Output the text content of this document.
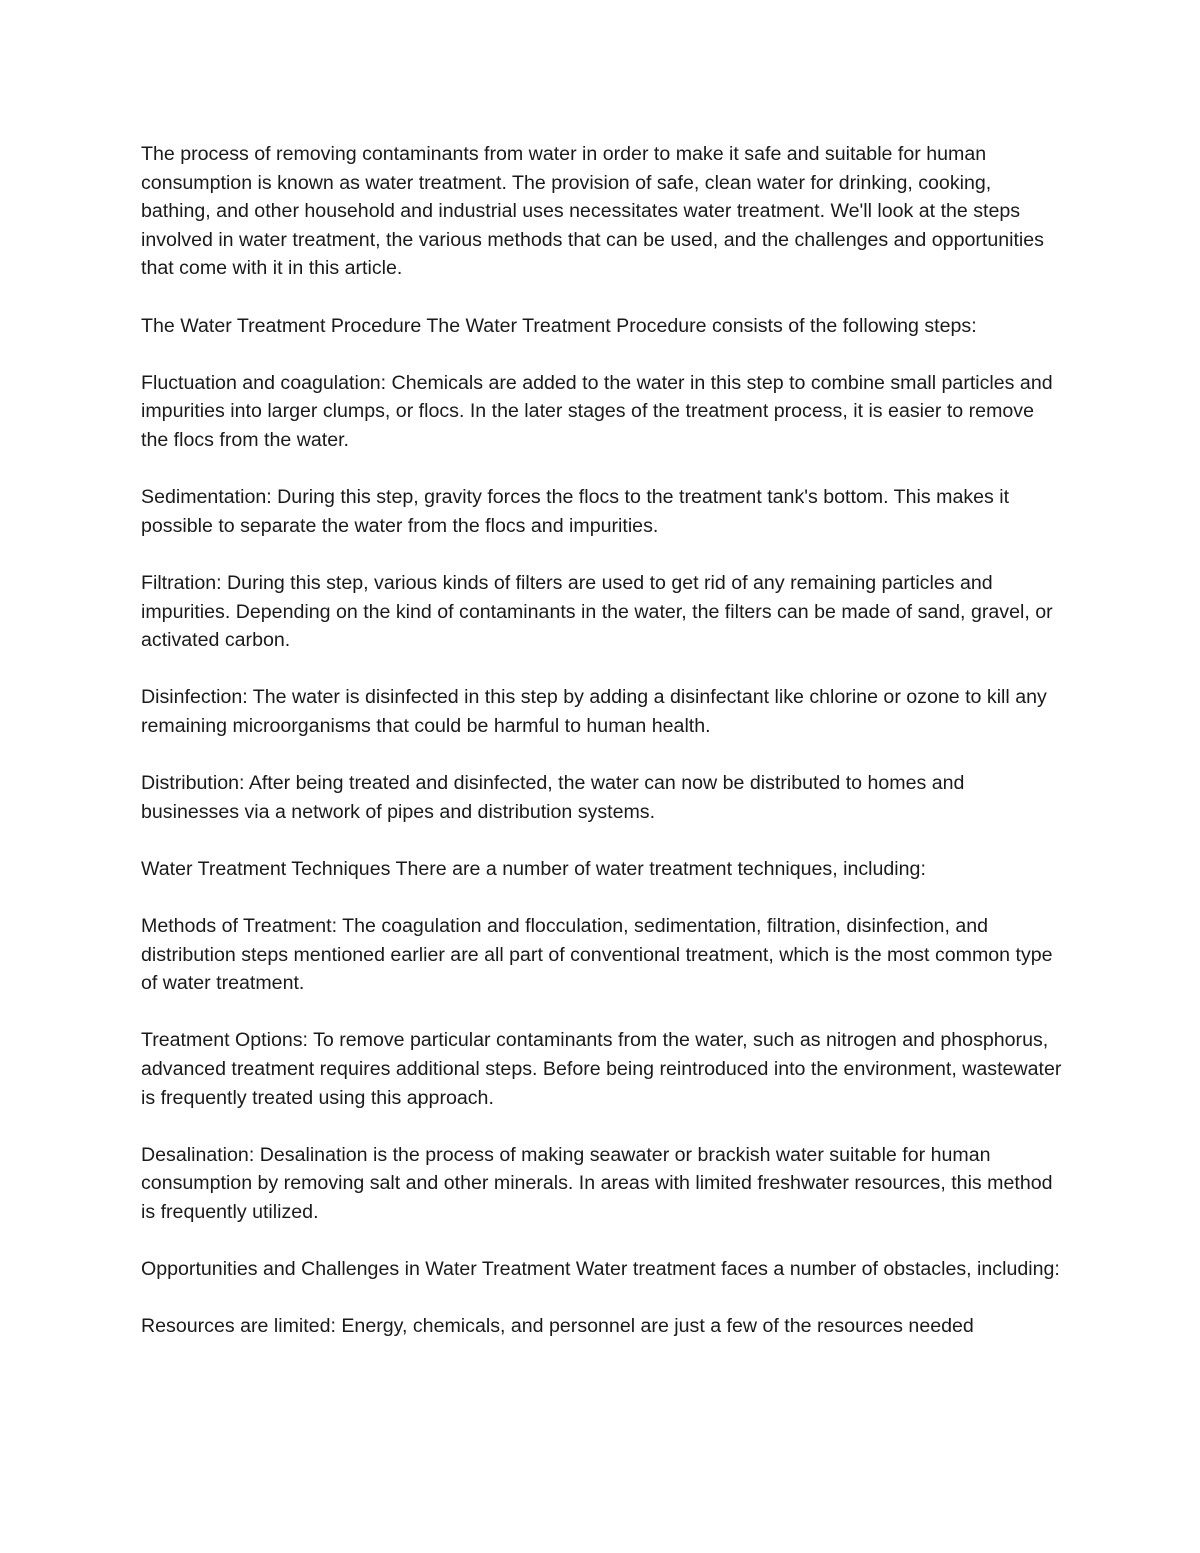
The process of removing contaminants from water in order to make it safe and suitable for human consumption is known as water treatment. The provision of safe, clean water for drinking, cooking, bathing, and other household and industrial uses necessitates water treatment. We'll look at the steps involved in water treatment, the various methods that can be used, and the challenges and opportunities that come with it in this article.

The Water Treatment Procedure The Water Treatment Procedure consists of the following steps:

Fluctuation and coagulation: Chemicals are added to the water in this step to combine small particles and impurities into larger clumps, or flocs. In the later stages of the treatment process, it is easier to remove the flocs from the water.

Sedimentation: During this step, gravity forces the flocs to the treatment tank's bottom. This makes it possible to separate the water from the flocs and impurities.

Filtration: During this step, various kinds of filters are used to get rid of any remaining particles and impurities. Depending on the kind of contaminants in the water, the filters can be made of sand, gravel, or activated carbon.

Disinfection: The water is disinfected in this step by adding a disinfectant like chlorine or ozone to kill any remaining microorganisms that could be harmful to human health.

Distribution: After being treated and disinfected, the water can now be distributed to homes and businesses via a network of pipes and distribution systems.

Water Treatment Techniques There are a number of water treatment techniques, including:

Methods of Treatment: The coagulation and flocculation, sedimentation, filtration, disinfection, and distribution steps mentioned earlier are all part of conventional treatment, which is the most common type of water treatment.

Treatment Options: To remove particular contaminants from the water, such as nitrogen and phosphorus, advanced treatment requires additional steps. Before being reintroduced into the environment, wastewater is frequently treated using this approach.

Desalination: Desalination is the process of making seawater or brackish water suitable for human consumption by removing salt and other minerals. In areas with limited freshwater resources, this method is frequently utilized.

Opportunities and Challenges in Water Treatment Water treatment faces a number of obstacles, including:

Resources are limited: Energy, chemicals, and personnel are just a few of the resources needed
